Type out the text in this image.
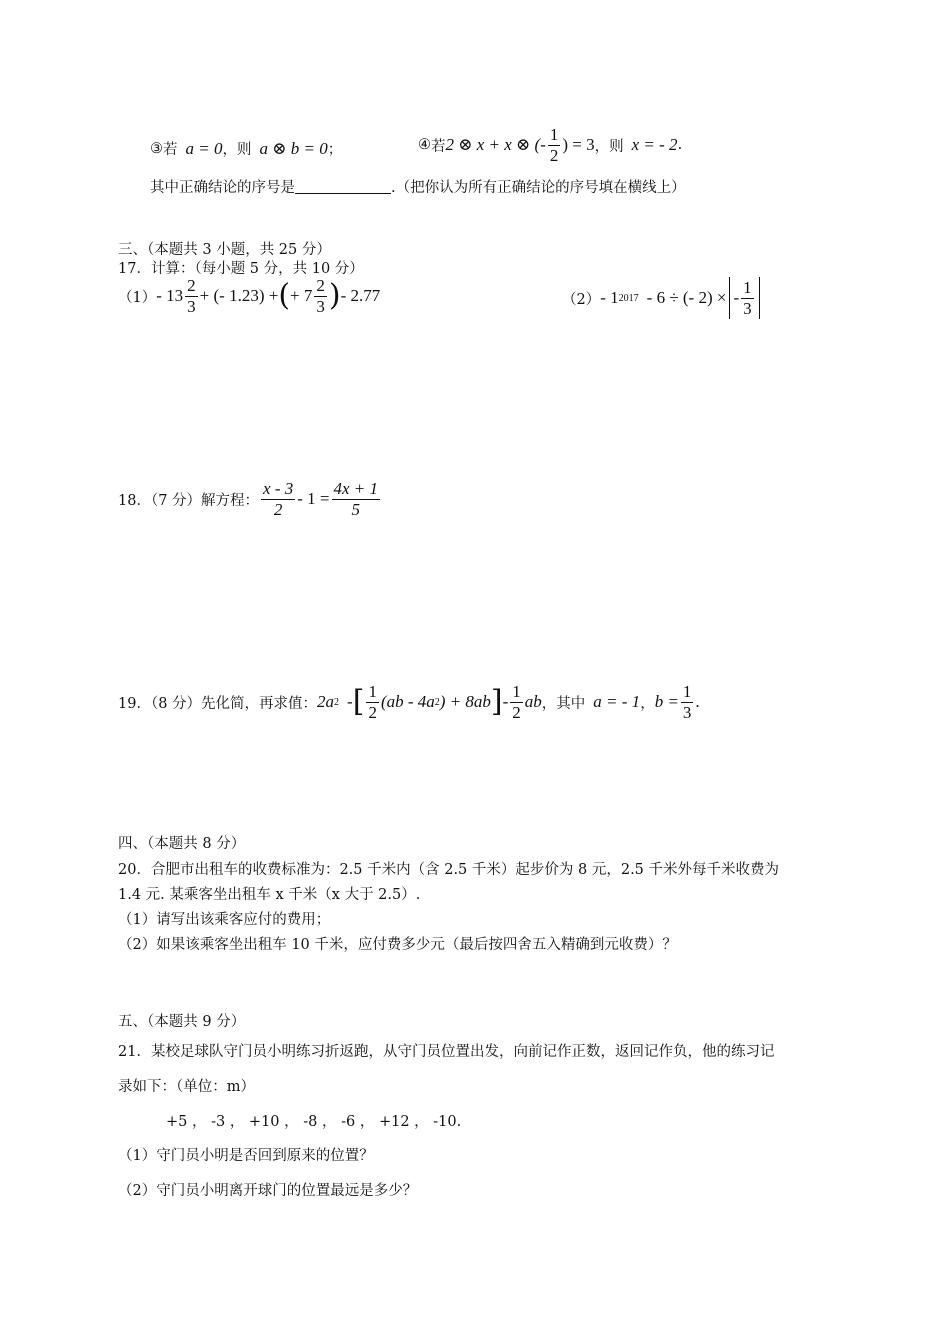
③ 若 a = 0 ，则 a ⊗ b = 0 ；	④ 若 2 ⊗ x + x ⊗ (- $\frac{1}{2}$ ) = 3 ，则 x = - 2 .
其中正确结论的序号是	.（把你认为所有正确结论的序号填在横线上）
三、（本题共 3 小题，共 25 分）
17．计算：（每小题 5 分，共 10 分）
$(1) - 13 \frac{2}{3}$ + (- 1.23) + ( + $7 \frac{2}{3}$ ) - 2.77	（2） - 1 2017 - 6 ÷ (- 2) × - $\frac{1}{3}$
18．（7 分）解方程： $\frac{x - 3}{2} - 1 = \frac{4x + 1}{5}$
19．（8 分）先化简，再求值： 2a 2 - [ $\frac{1}{2} (ab - 4a$ 2 ) + 8ab ] - $\frac{1}{2}$ ab ，其中 a = - 1 ， $b = \frac{1}{3}$ .
四、（本题共 8 分）
20．合肥市出租车的收费标准为：2.5 千米内（含 2.5 千米）起步价为 8 元，2.5 千米外每千米收费为
1.4 元. 某乘客坐出租车 x 千米（x 大于 2.5）.
（1）请写出该乘客应付的费用；
（2）如果该乘客坐出租车 10 千米，应付费多少元（最后按四舍五入精确到元收费）？
五、（本题共 9 分）
21．某校足球队守门员小明练习折返跑，从守门员位置出发，向前记作正数，返回记作负，他的练习记
录如下：（单位：m）
+5 ， -3 ， +10 ， -8 ， -6 ， +12 ， -10.
（1）守门员小明是否回到原来的位置？
（2）守门员小明离开球门的位置最远是多少？
